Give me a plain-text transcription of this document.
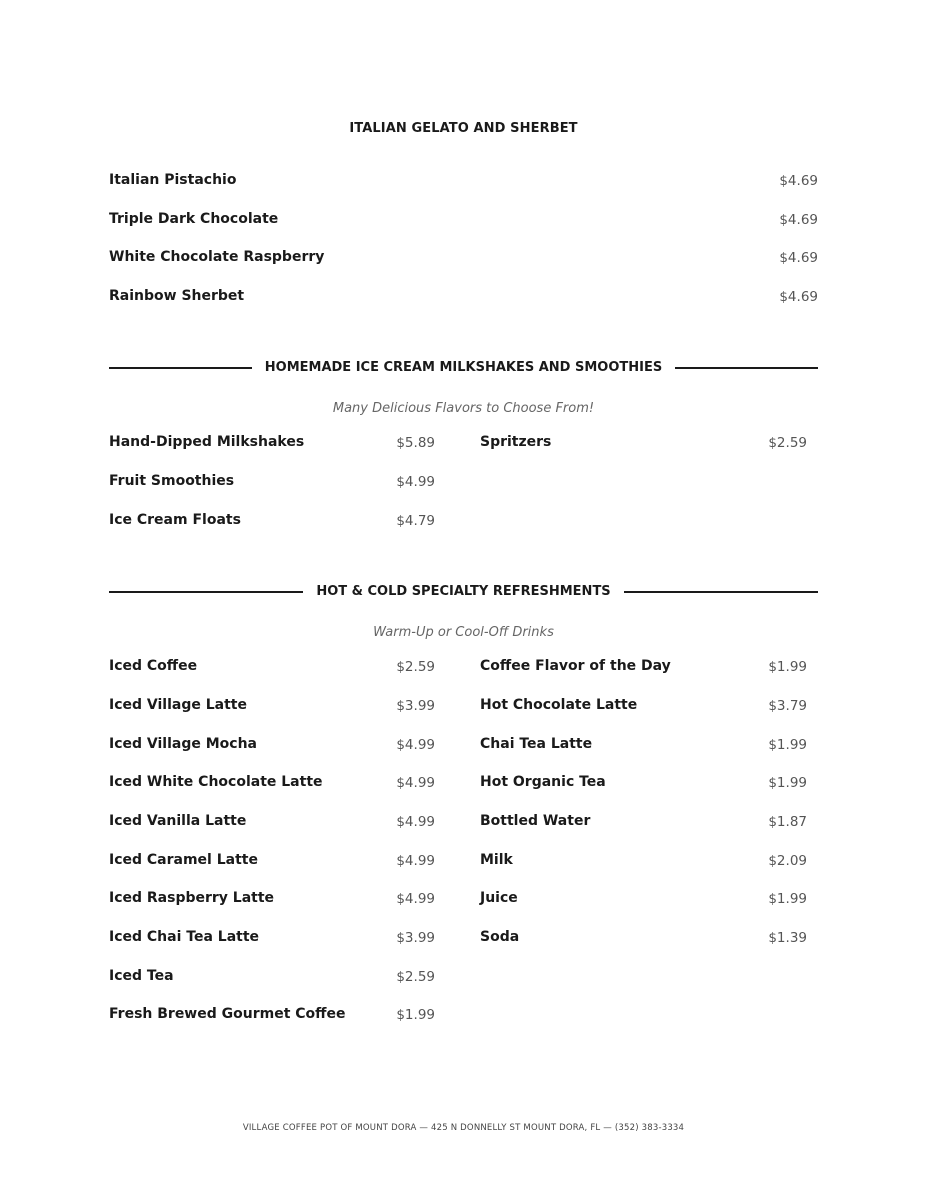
ITALIAN GELATO AND SHERBET
Italian Pistachio	$4.69
Triple Dark Chocolate	$4.69
White Chocolate Raspberry	$4.69
Rainbow Sherbet	$4.69
HOMEMADE ICE CREAM MILKSHAKES AND SMOOTHIES
Many Delicious Flavors to Choose From!
Hand-Dipped Milkshakes	$5.89
Fruit Smoothies	$4.99
Ice Cream Floats	$4.79
Spritzers	$2.59
HOT & COLD SPECIALTY REFRESHMENTS
Warm-Up or Cool-Off Drinks
Iced Coffee	$2.59
Iced Village Latte	$3.99
Iced Village Mocha	$4.99
Iced White Chocolate Latte	$4.99
Iced Vanilla Latte	$4.99
Iced Caramel Latte	$4.99
Iced Raspberry Latte	$4.99
Iced Chai Tea Latte	$3.99
Iced Tea	$2.59
Fresh Brewed Gourmet Coffee	$1.99
Coffee Flavor of the Day	$1.99
Hot Chocolate Latte	$3.79
Chai Tea Latte	$1.99
Hot Organic Tea	$1.99
Bottled Water	$1.87
Milk	$2.09
Juice	$1.99
Soda	$1.39
VILLAGE COFFEE POT OF MOUNT DORA — 425 N DONNELLY ST MOUNT DORA, FL — (352) 383-3334
